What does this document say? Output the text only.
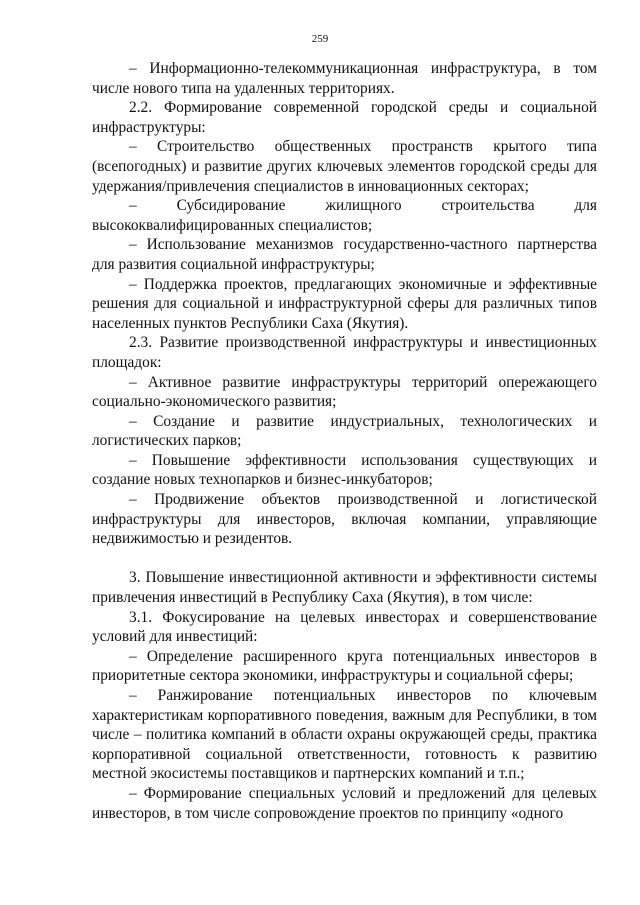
259

– Информационно-телекоммуникационная инфраструктура, в том числе нового типа на удаленных территориях.

2.2. Формирование современной городской среды и социальной инфраструктуры:

– Строительство общественных пространств крытого типа (всепогодных) и развитие других ключевых элементов городской среды для удержания/привлечения специалистов в инновационных секторах;

– Субсидирование жилищного строительства для высококвалифицированных специалистов;

– Использование механизмов государственно-частного партнерства для развития социальной инфраструктуры;

– Поддержка проектов, предлагающих экономичные и эффективные решения для социальной и инфраструктурной сферы для различных типов населенных пунктов Республики Саха (Якутия).

2.3. Развитие производственной инфраструктуры и инвестиционных площадок:

– Активное развитие инфраструктуры территорий опережающего социально-экономического развития;

– Создание и развитие индустриальных, технологических и логистических парков;

– Повышение эффективности использования существующих и создание новых технопарков и бизнес-инкубаторов;

– Продвижение объектов производственной и логистической инфраструктуры для инвесторов, включая компании, управляющие недвижимостью и резидентов.

3. Повышение инвестиционной активности и эффективности системы привлечения инвестиций в Республику Саха (Якутия), в том числе:

3.1. Фокусирование на целевых инвесторах и совершенствование условий для инвестиций:

– Определение расширенного круга потенциальных инвесторов в приоритетные сектора экономики, инфраструктуры и социальной сферы;

– Ранжирование потенциальных инвесторов по ключевым характеристикам корпоративного поведения, важным для Республики, в том числе – политика компаний в области охраны окружающей среды, практика корпоративной социальной ответственности, готовность к развитию местной экосистемы поставщиков и партнерских компаний и т.п.;

– Формирование специальных условий и предложений для целевых инвесторов, в том числе сопровождение проектов по принципу «одного
